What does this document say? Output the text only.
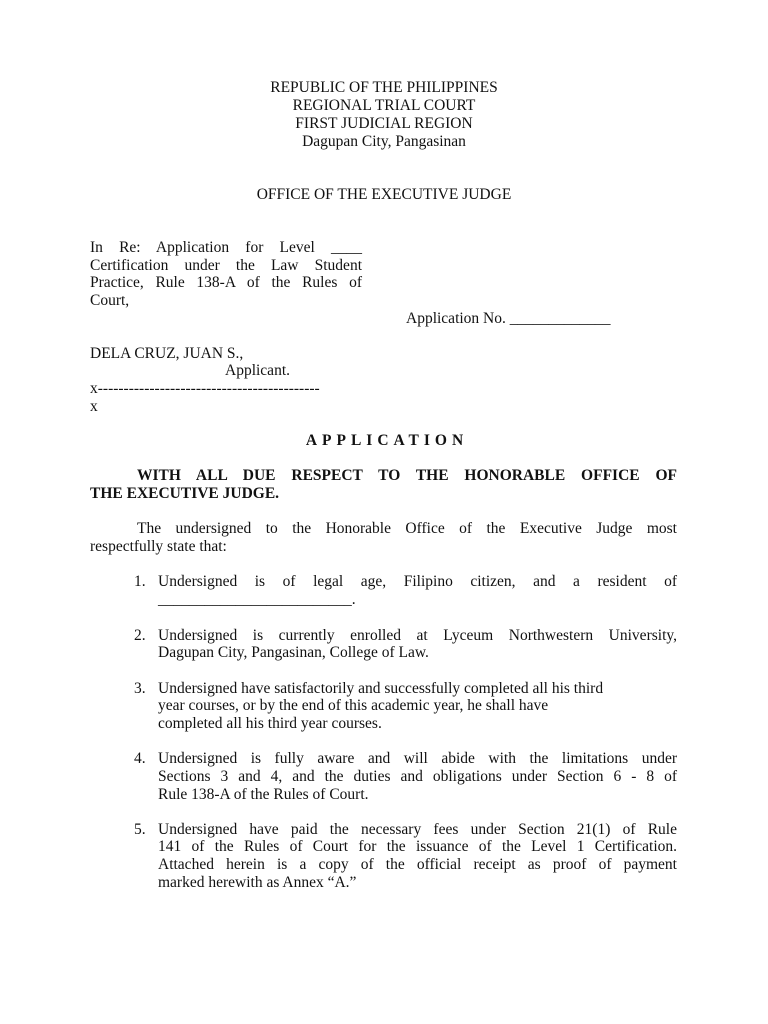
REPUBLIC OF THE PHILIPPINES
REGIONAL TRIAL COURT
FIRST JUDICIAL REGION
Dagupan City, Pangasinan
OFFICE OF THE EXECUTIVE JUDGE
In Re: Application for Level ____
Certification under the Law Student
Practice, Rule 138-A of the Rules of
Court,
Application No. _____________
DELA CRUZ, JUAN S.,
Applicant.
x-------------------------------------------
x
APPLICATION
WITH ALL DUE RESPECT TO THE HONORABLE OFFICE OF
THE EXECUTIVE JUDGE.
The undersigned to the Honorable Office of the Executive Judge most
respectfully state that:
1. Undersigned is of legal age, Filipino citizen, and a resident of
_________________________.
2. Undersigned is currently enrolled at Lyceum Northwestern University,
Dagupan City, Pangasinan, College of Law.
3. Undersigned have satisfactorily and successfully completed all his third
year courses, or by the end of this academic year, he shall have
completed all his third year courses.
4. Undersigned is fully aware and will abide with the limitations under
Sections 3 and 4, and the duties and obligations under Section 6 - 8 of
Rule 138-A of the Rules of Court.
5. Undersigned have paid the necessary fees under Section 21(1) of Rule
141 of the Rules of Court for the issuance of the Level 1 Certification.
Attached herein is a copy of the official receipt as proof of payment
marked herewith as Annex “A.”
